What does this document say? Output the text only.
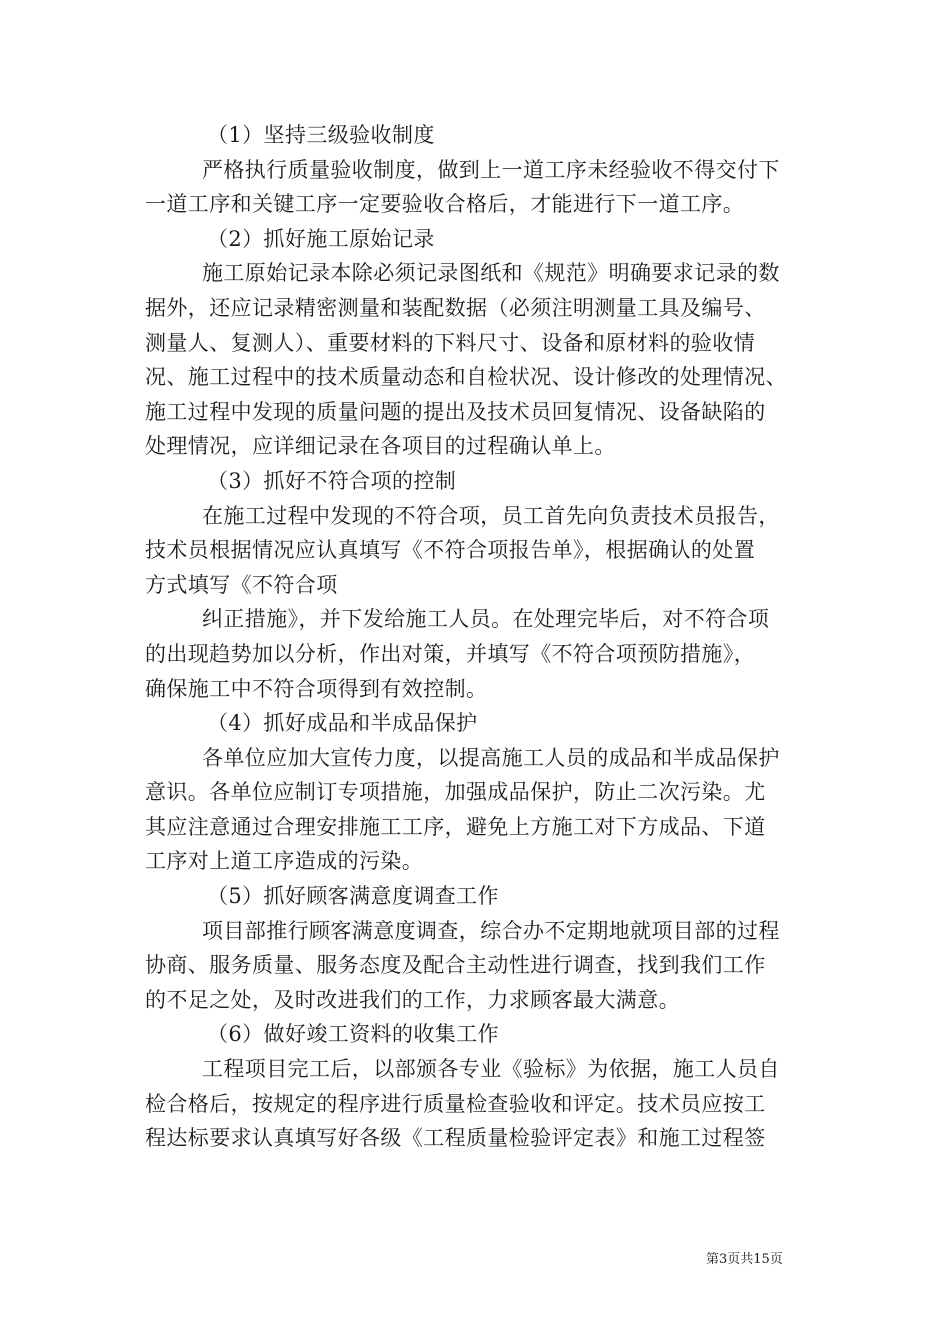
（1）坚持三级验收制度
严格执行质量验收制度，做到上一道工序未经验收不得交付下
一道工序和关键工序一定要验收合格后，才能进行下一道工序。
（2）抓好施工原始记录
施工原始记录本除必须记录图纸和《规范》明确要求记录的数
据外，还应记录精密测量和装配数据（必须注明测量工具及编号、
测量人、复测人）、重要材料的下料尺寸、设备和原材料的验收情
况、施工过程中的技术质量动态和自检状况、设计修改的处理情况、
施工过程中发现的质量问题的提出及技术员回复情况、设备缺陷的
处理情况，应详细记录在各项目的过程确认单上。
（3）抓好不符合项的控制
在施工过程中发现的不符合项，员工首先向负责技术员报告，
技术员根据情况应认真填写《不符合项报告单》，根据确认的处置
方式填写《不符合项
纠正措施》，并下发给施工人员。在处理完毕后，对不符合项
的出现趋势加以分析，作出对策，并填写《不符合项预防措施》，
确保施工中不符合项得到有效控制。
（4）抓好成品和半成品保护
各单位应加大宣传力度，以提高施工人员的成品和半成品保护
意识。各单位应制订专项措施，加强成品保护，防止二次污染。尤
其应注意通过合理安排施工工序，避免上方施工对下方成品、下道
工序对上道工序造成的污染。
（5）抓好顾客满意度调查工作
项目部推行顾客满意度调查，综合办不定期地就项目部的过程
协商、服务质量、服务态度及配合主动性进行调查，找到我们工作
的不足之处，及时改进我们的工作，力求顾客最大满意。
（6）做好竣工资料的收集工作
工程项目完工后，以部颁各专业《验标》为依据，施工人员自
检合格后，按规定的程序进行质量检查验收和评定。技术员应按工
程达标要求认真填写好各级《工程质量检验评定表》和施工过程签
第3页共15页
